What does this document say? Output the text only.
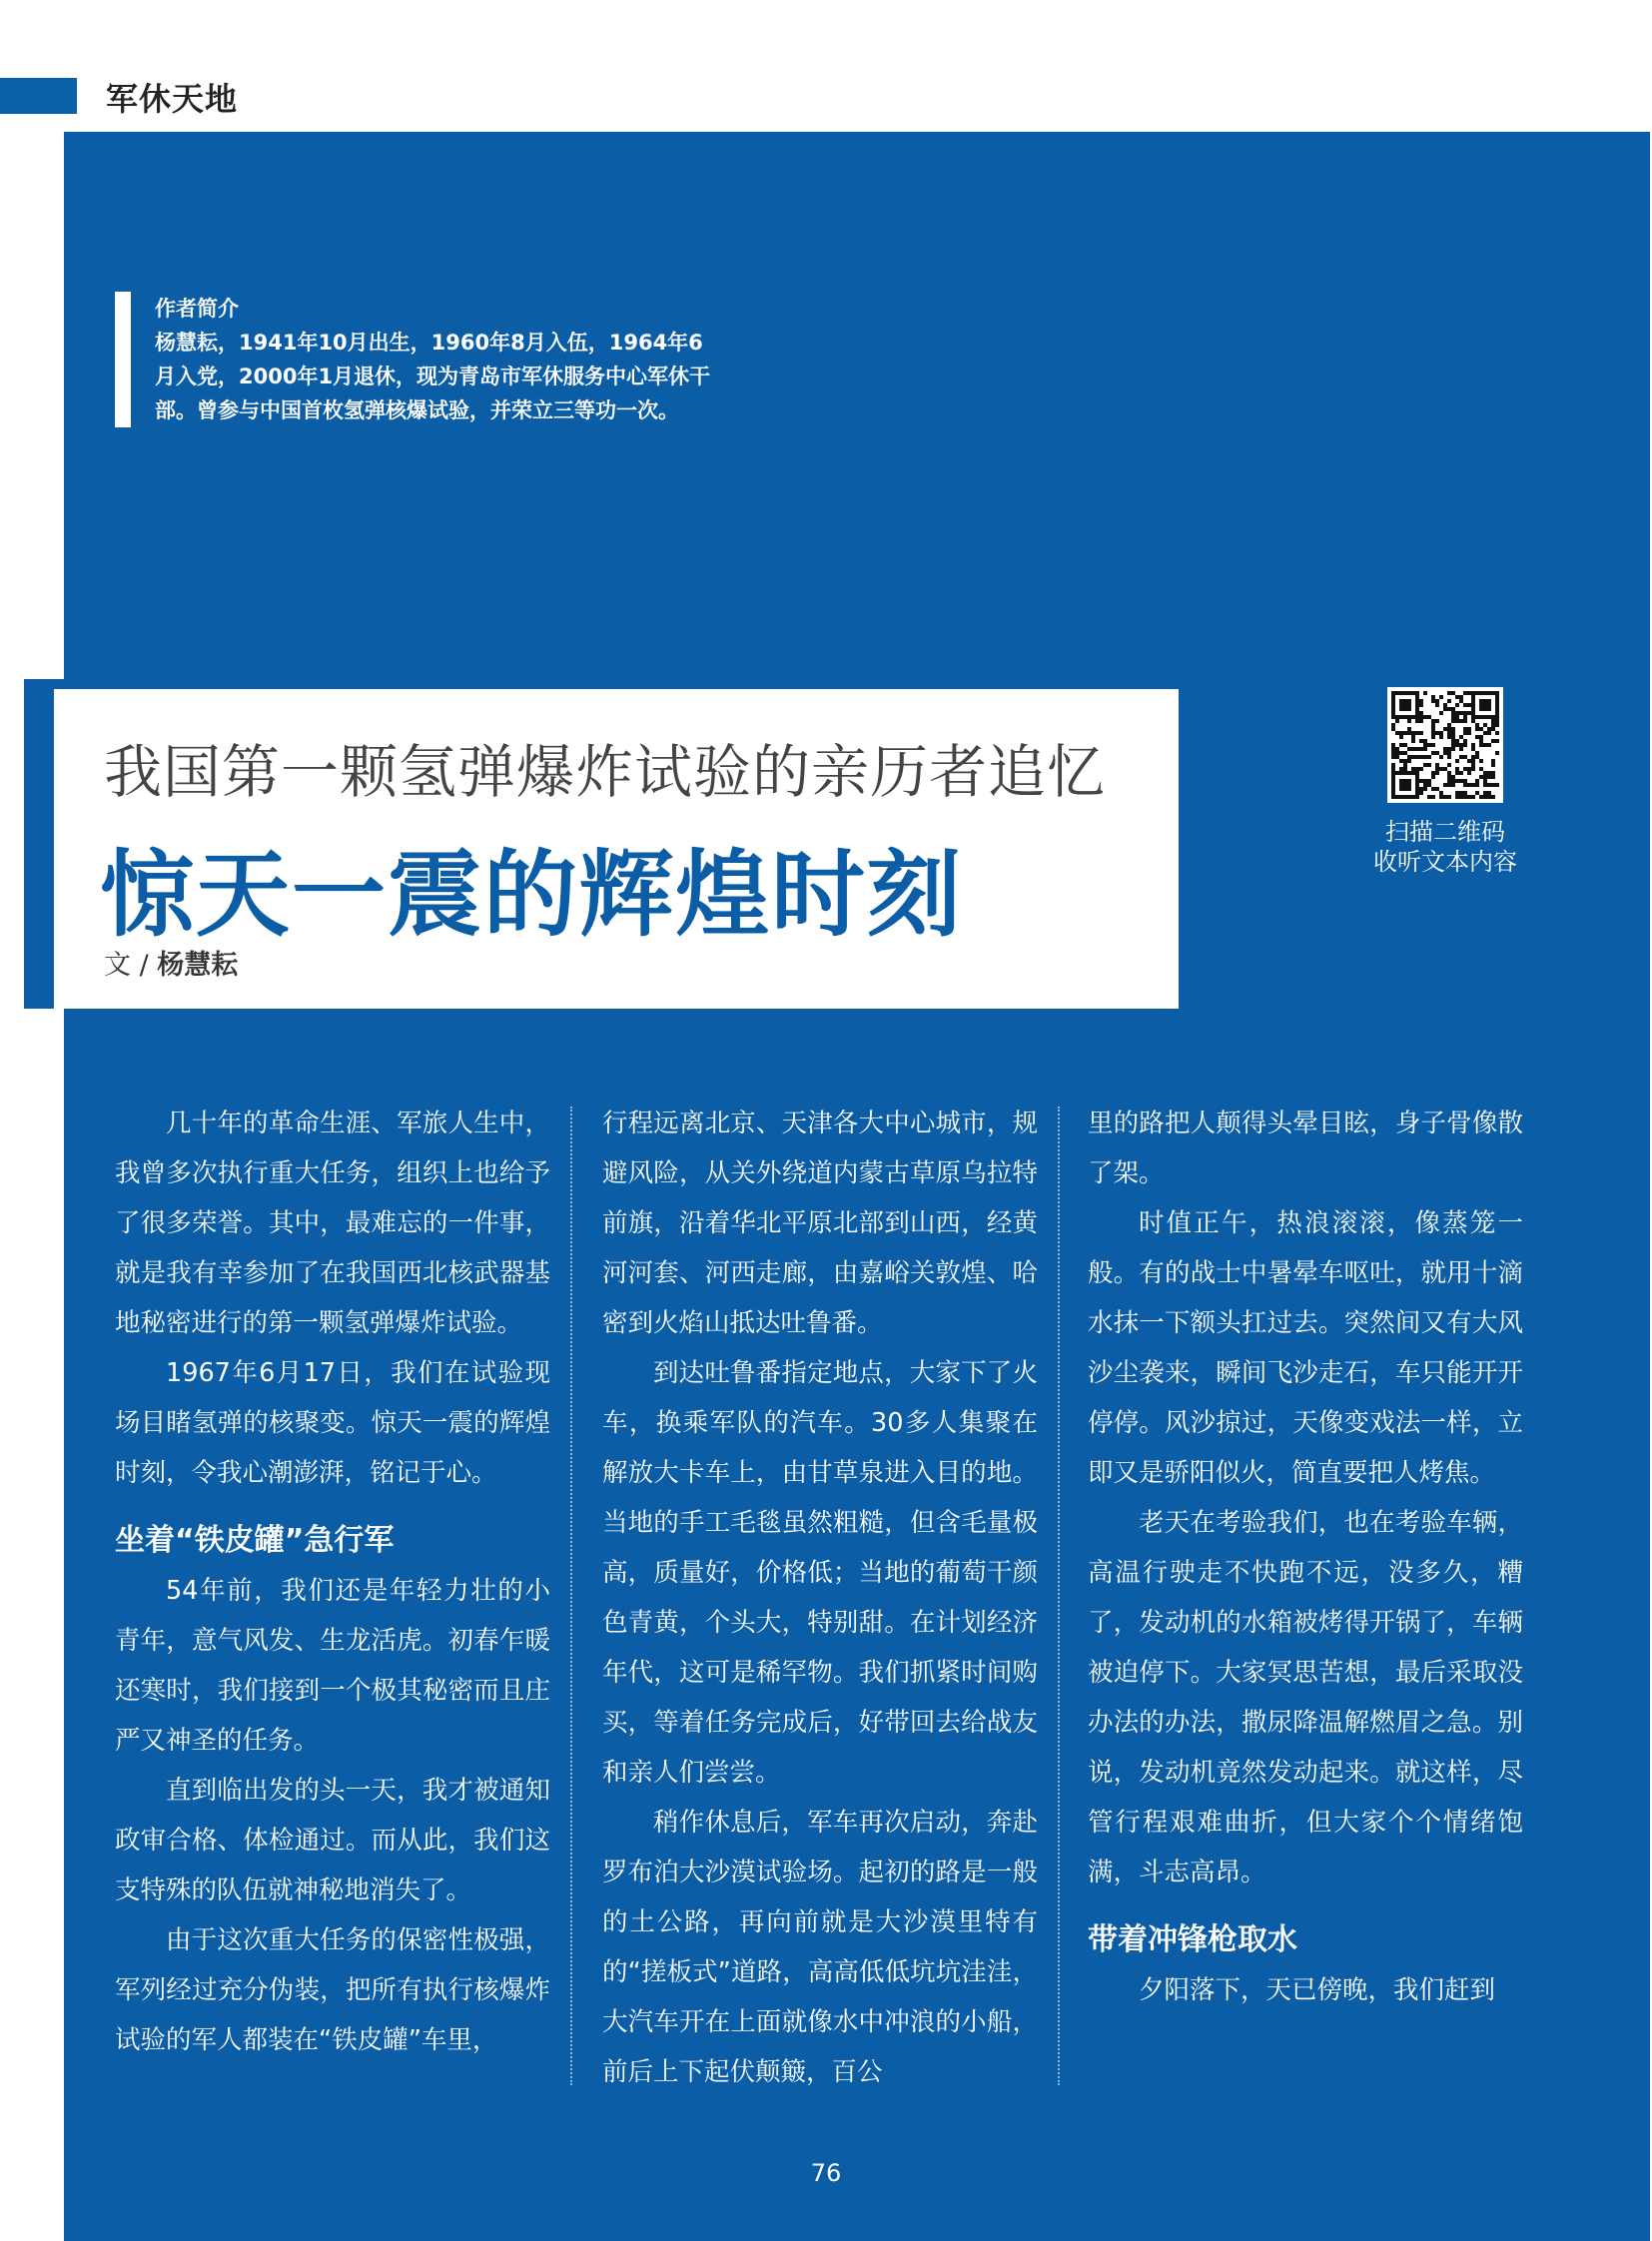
军休天地
作者简介
杨慧耘，1941年10月出生，1960年8月入伍，1964年6月入党，2000年1月退休，现为青岛市军休服务中心军休干部。曾参与中国首枚氢弹核爆试验，并荣立三等功一次。
我国第一颗氢弹爆炸试验的亲历者追忆
惊天一震的辉煌时刻
文 / 杨慧耘
扫描二维码
收听文本内容

几十年的革命生涯、军旅人生中，我曾多次执行重大任务，组织上也给予了很多荣誉。其中，最难忘的一件事，就是我有幸参加了在我国西北核武器基地秘密进行的第一颗氢弹爆炸试验。

1967年6月17日，我们在试验现场目睹氢弹的核聚变。惊天一震的辉煌时刻，令我心潮澎湃，铭记于心。

坐着“铁皮罐”急行军

54年前，我们还是年轻力壮的小青年，意气风发、生龙活虎。初春乍暖还寒时，我们接到一个极其秘密而且庄严又神圣的任务。

直到临出发的头一天，我才被通知政审合格、体检通过。而从此，我们这支特殊的队伍就神秘地消失了。

由于这次重大任务的保密性极强，军列经过充分伪装，把所有执行核爆炸试验的军人都装在“铁皮罐”车里，

行程远离北京、天津各大中心城市，规避风险，从关外绕道内蒙古草原乌拉特前旗，沿着华北平原北部到山西，经黄河河套、河西走廊，由嘉峪关敦煌、哈密到火焰山抵达吐鲁番。

到达吐鲁番指定地点，大家下了火车，换乘军队的汽车。30多人集聚在解放大卡车上，由甘草泉进入目的地。当地的手工毛毯虽然粗糙，但含毛量极高，质量好，价格低；当地的葡萄干颜色青黄，个头大，特别甜。在计划经济年代，这可是稀罕物。我们抓紧时间购买，等着任务完成后，好带回去给战友和亲人们尝尝。

稍作休息后，军车再次启动，奔赴罗布泊大沙漠试验场。起初的路是一般的土公路，再向前就是大沙漠里特有的“搓板式”道路，高高低低坑坑洼洼，大汽车开在上面就像水中冲浪的小船，前后上下起伏颠簸，百公

里的路把人颠得头晕目眩，身子骨像散了架。

时值正午，热浪滚滚，像蒸笼一般。有的战士中暑晕车呕吐，就用十滴水抹一下额头扛过去。突然间又有大风沙尘袭来，瞬间飞沙走石，车只能开开停停。风沙掠过，天像变戏法一样，立即又是骄阳似火，简直要把人烤焦。

老天在考验我们，也在考验车辆，高温行驶走不快跑不远，没多久，糟了，发动机的水箱被烤得开锅了，车辆被迫停下。大家冥思苦想，最后采取没办法的办法，撒尿降温解燃眉之急。别说，发动机竟然发动起来。就这样，尽管行程艰难曲折，但大家个个情绪饱满，斗志高昂。

带着冲锋枪取水

夕阳落下，天已傍晚，我们赶到

76
